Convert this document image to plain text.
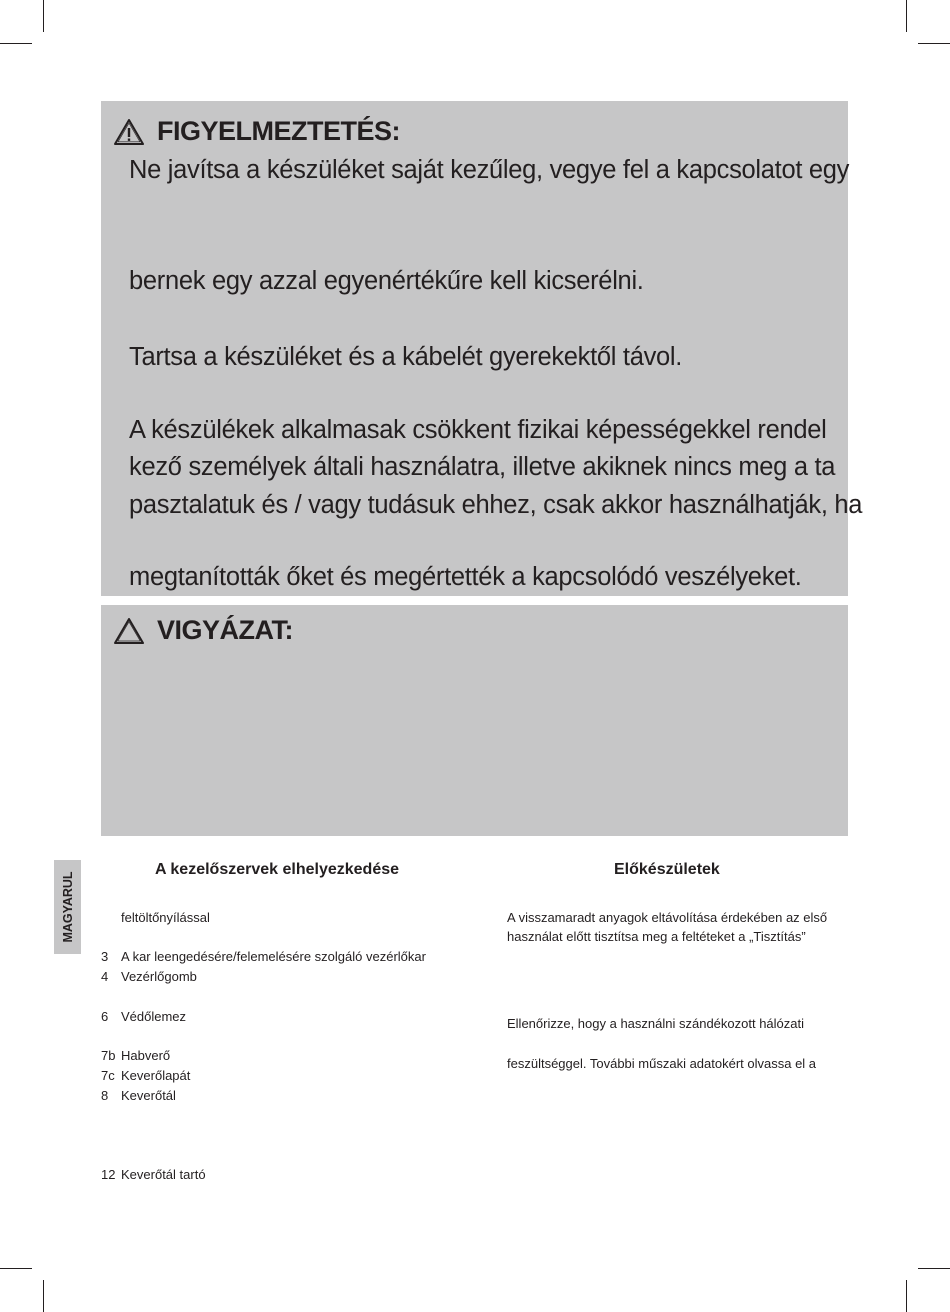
FIGYELMEZTETÉS:
Ne javítsa a készüléket saját kezűleg, vegye fel a kapcsolatot egy
bernek egy azzal egyenértékűre kell kicserélni.
Tartsa a készüléket és a kábelét gyerekektől távol.
A készülékek alkalmasak csökkent fizikai képességekkel rendel
kező személyek általi használatra, illetve akiknek nincs meg a ta
pasztalatuk és / vagy tudásuk ehhez, csak akkor használhatják, ha
megtanították őket és megértették a kapcsolódó veszélyeket.
VIGYÁZAT:
MAGYARUL
A kezelőszervek elhelyezkedése
feltöltőnyílással
3 A kar leengedésére/felemelésére szolgáló vezérlőkar
4 Vezérlőgomb
6 Védőlemez
7b Habverő
7c Keverőlapát
8 Keverőtál
12 Keverőtál tartó
Előkészületek
A visszamaradt anyagok eltávolítása érdekében az első
használat előtt tisztítsa meg a feltéteket a „Tisztítás”
Ellenőrizze, hogy a használni szándékozott hálózati
feszültséggel. További műszaki adatokért olvassa el a
